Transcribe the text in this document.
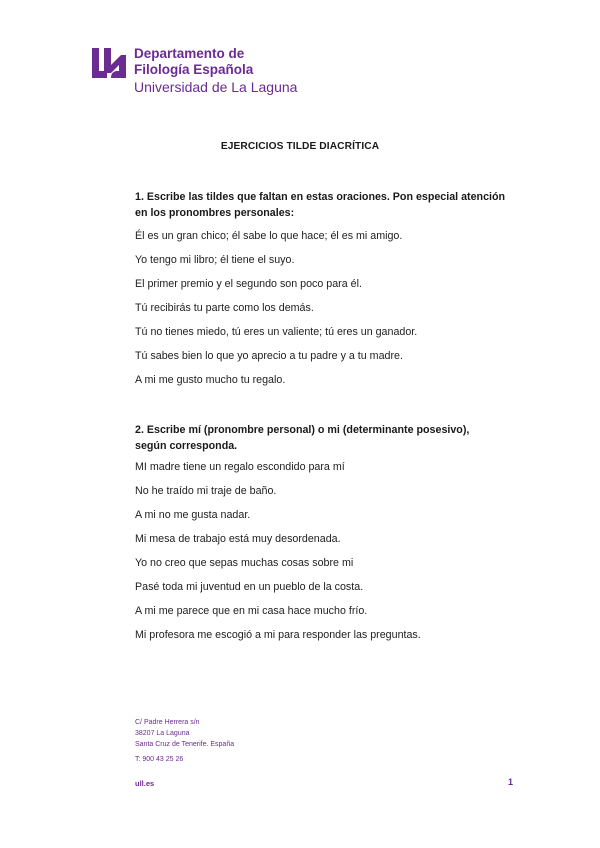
Departamento de
Filología Española
Universidad de La Laguna
EJERCICIOS TILDE DIACRÍTICA
1. Escribe las tildes que faltan en estas oraciones. Pon especial atención
en los pronombres personales:
Él es un gran chico; él sabe lo que hace; él es mi amigo.
Yo tengo mi libro; él tiene el suyo.
El primer premio y el segundo son poco para él.
Tú recibirás tu parte como los demás.
Tú no tienes miedo, tú eres un valiente; tú eres un ganador.
Tú sabes bien lo que yo aprecio a tu padre y a tu madre.
A mi me gusto mucho tu regalo.
2. Escribe mí (pronombre personal) o mi (determinante posesivo),
según corresponda.
MI madre tiene un regalo escondido para mí
No he traído mi traje de baño.
A mi no me gusta nadar.
Mi mesa de trabajo está muy desordenada.
Yo no creo que sepas muchas cosas sobre mi
Pasé toda mi juventud en un pueblo de la costa.
A mi me parece que en mi casa hace mucho frío.
Mi profesora me escogió a mi para responder las preguntas.
C/ Padre Herrera s/n
38207 La Laguna
Santa Cruz de Tenerife. España
T: 900 43 25 26
ull.es	1
